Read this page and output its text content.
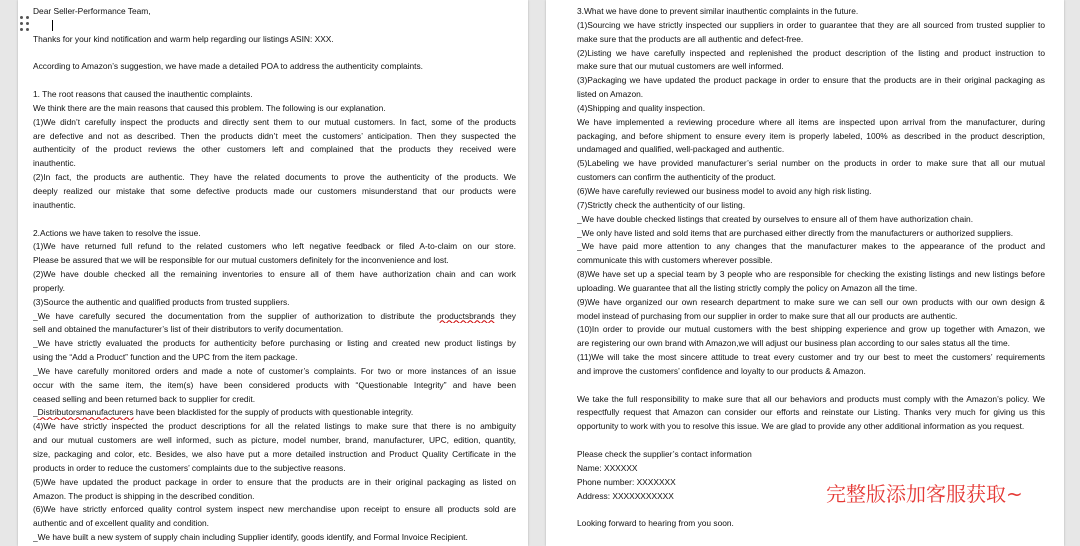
Dear Seller-Performance Team,
Thanks for your kind notification and warm help regarding our listings ASIN: XXX.
According to Amazon’s suggestion, we have made a detailed POA to address the authenticity complaints.
1. The root reasons that caused the inauthentic complaints.
We think there are the main reasons that caused this problem. The following is our explanation.
(1)We didn’t carefully inspect the products and directly sent them to our mutual customers. In fact, some of the products
are defective and not as described. Then the products didn’t meet the customers’ anticipation. Then they suspected the
authenticity of the product reviews the other customers left and complained that the products they received were
inauthentic.
(2)In fact, the products are authentic. They have the related documents to prove the authenticity of the products. We
deeply realized our mistake that some defective products made our customers misunderstand that our products were
inauthentic.
2.Actions we have taken to resolve the issue.
(1)We have returned full refund to the related customers who left negative feedback or filed A-to-claim on our store.
Please be assured that we will be responsible for our mutual customers definitely for the inconvenience and lost.
(2)We have double checked all the remaining inventories to ensure all of them have authorization chain and can work
properly.
(3)Source the authentic and qualified products from trusted suppliers.
_We have carefully secured the documentation from the supplier of authorization to distribute the productsbrands they
sell and obtained the manufacturer’s list of their distributors to verify documentation.
_We have strictly evaluated the products for authenticity before purchasing or listing and created new product listings by
using the “Add a Product” function and the UPC from the item package.
_We have carefully monitored orders and made a note of customer’s complaints. For two or more instances of an issue
occur with the same item, the item(s) have been considered products with “Questionable Integrity” and have been
ceased selling and been returned back to supplier for credit.
_Distributorsmanufacturers have been blacklisted for the supply of products with questionable integrity.
(4)We have strictly inspected the product descriptions for all the related listings to make sure that there is no ambiguity
and our mutual customers are well informed, such as picture, model number, brand, manufacturer, UPC, edition, quantity,
size, packaging and color, etc. Besides, we also have put a more detailed instruction and Product Quality Certificate in the
products in order to reduce the customers’ complaints due to the subjective reasons.
(5)We have updated the product package in order to ensure that the products are in their original packaging as listed on
Amazon. The product is shipping in the described condition.
(6)We have strictly enforced quality control system inspect new merchandise upon receipt to ensure all products sold are
authentic and of excellent quality and condition.
_We have built a new system of supply chain including Supplier identify, goods identify, and Formal Invoice Recipient.
3.What we have done to prevent similar inauthentic complaints in the future.
(1)Sourcing we have strictly inspected our suppliers in order to guarantee that they are all sourced from trusted supplier to
make sure that the products are all authentic and defect-free.
(2)Listing we have carefully inspected and replenished the product description of the listing and product instruction to
make sure that our mutual customers are well informed.
(3)Packaging we have updated the product package in order to ensure that the products are in their original packaging as
listed on Amazon.
(4)Shipping and quality inspection.
We have implemented a reviewing procedure where all items are inspected upon arrival from the manufacturer, during
packaging, and before shipment to ensure every item is properly labeled, 100% as described in the product description,
undamaged and qualified, well-packaged and authentic.
(5)Labeling we have provided manufacturer’s serial number on the products in order to make sure that all our mutual
customers can confirm the authenticity of the product.
(6)We have carefully reviewed our business model to avoid any high risk listing.
(7)Strictly check the authenticity of our listing.
_We have double checked listings that created by ourselves to ensure all of them have authorization chain.
_We only have listed and sold items that are purchased either directly from the manufacturers or authorized suppliers.
_We have paid more attention to any changes that the manufacturer makes to the appearance of the product and
communicate this with customers wherever possible.
(8)We have set up a special team by 3 people who are responsible for checking the existing listings and new listings before
uploading. We guarantee that all the listing strictly comply the policy on Amazon all the time.
(9)We have organized our own research department to make sure we can sell our own products with our own design &
model instead of purchasing from our supplier in order to make sure that all our products are authentic.
(10)In order to provide our mutual customers with the best shipping experience and grow up together with Amazon, we
are registering our own brand with Amazon,we will adjust our business plan according to our sales status all the time.
(11)We will take the most sincere attitude to treat every customer and try our best to meet the customers’ requirements
and improve the customers’ confidence and loyalty to our products & Amazon.
We take the full responsibility to make sure that all our behaviors and products must comply with the Amazon’s policy. We
respectfully request that Amazon can consider our efforts and reinstate our Listing. Thanks very much for giving us this
opportunity to work with you to resolve this issue. We are glad to provide any other additional information as you request.
Please check the supplier’s contact information
Name: XXXXXX
Phone number: XXXXXXX
Address: XXXXXXXXXXX
Looking forward to hearing from you soon.
完整版添加客服获取~
